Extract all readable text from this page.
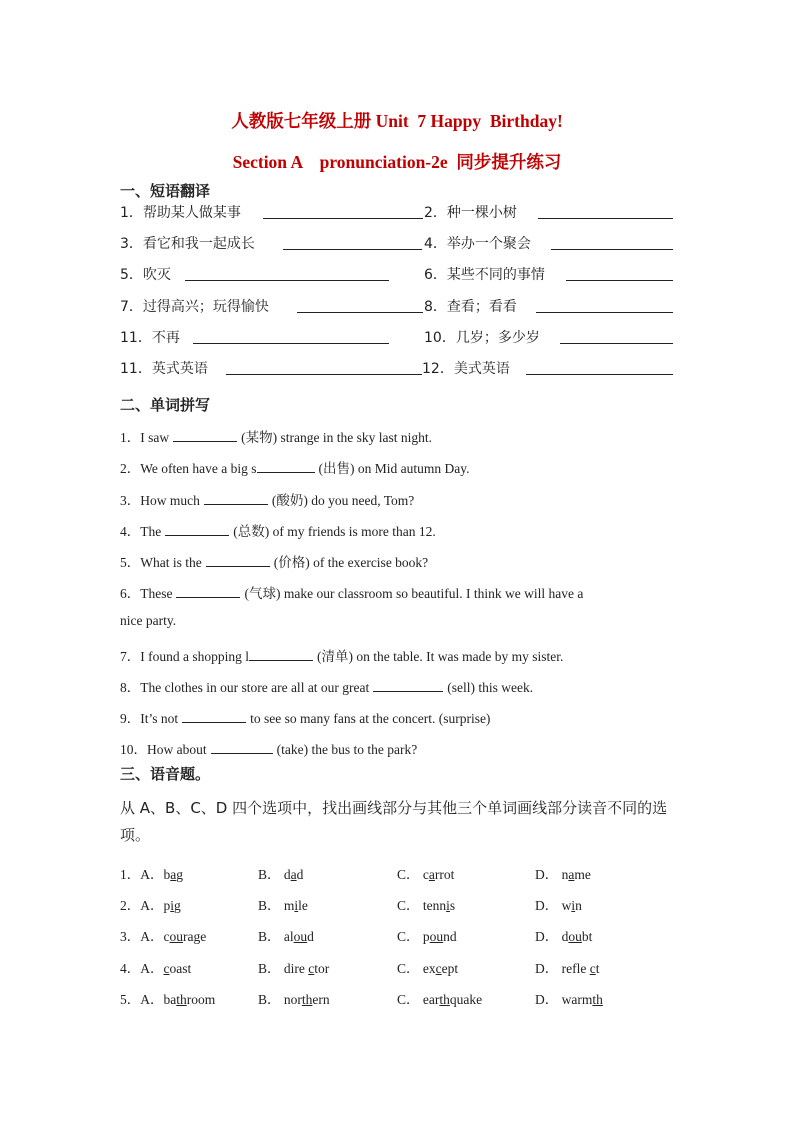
人教版七年级上册 Unit  7 Happy  Birthday!
Section A    pronunciation-2e  同步提升练习
一、短语翻译
1．帮助某人做某事	2．种一棵小树
3．看它和我一起成长	4．举办一个聚会
5．吹灭	6．某些不同的事情
7．过得高兴；玩得愉快	8．查看；看看
11．不再	10．几岁；多少岁
11．英式英语	12．美式英语
二、单词拼写
1．I saw	(某物) strange in the sky last night.
2．We often have a big s	(出售) on Mid autumn Day.
3．How much	(酸奶) do you need, Tom?
4．The	(总数) of my friends is more than 12.
5．What is the	(价格) of the exercise book?
6．These	(气球) make our classroom so beautiful. I think we will have a
nice party.
7．I found a shopping l	(清单) on the table. It was made by my sister.
8．The clothes in our store are all at our great	(sell) this week.
9．It’s not	to see so many fans at the concert. (surprise)
10．How about	(take) the bus to the park?
三、语音题。
从 A、B、C、D 四个选项中，找出画线部分与其他三个单词画线部分读音不同的选项。
1．A．bag	B． dad	C． carrot	D． name
2．A．pig	B． mile	C． tennis	D． win
3．A．courage	B． aloud	C． pound	D． doubt
4．A．coast	B． dire ctor	C． except	D． refle ct
5．A．bathroom	B． northern	C． earthquake	D． warmth
